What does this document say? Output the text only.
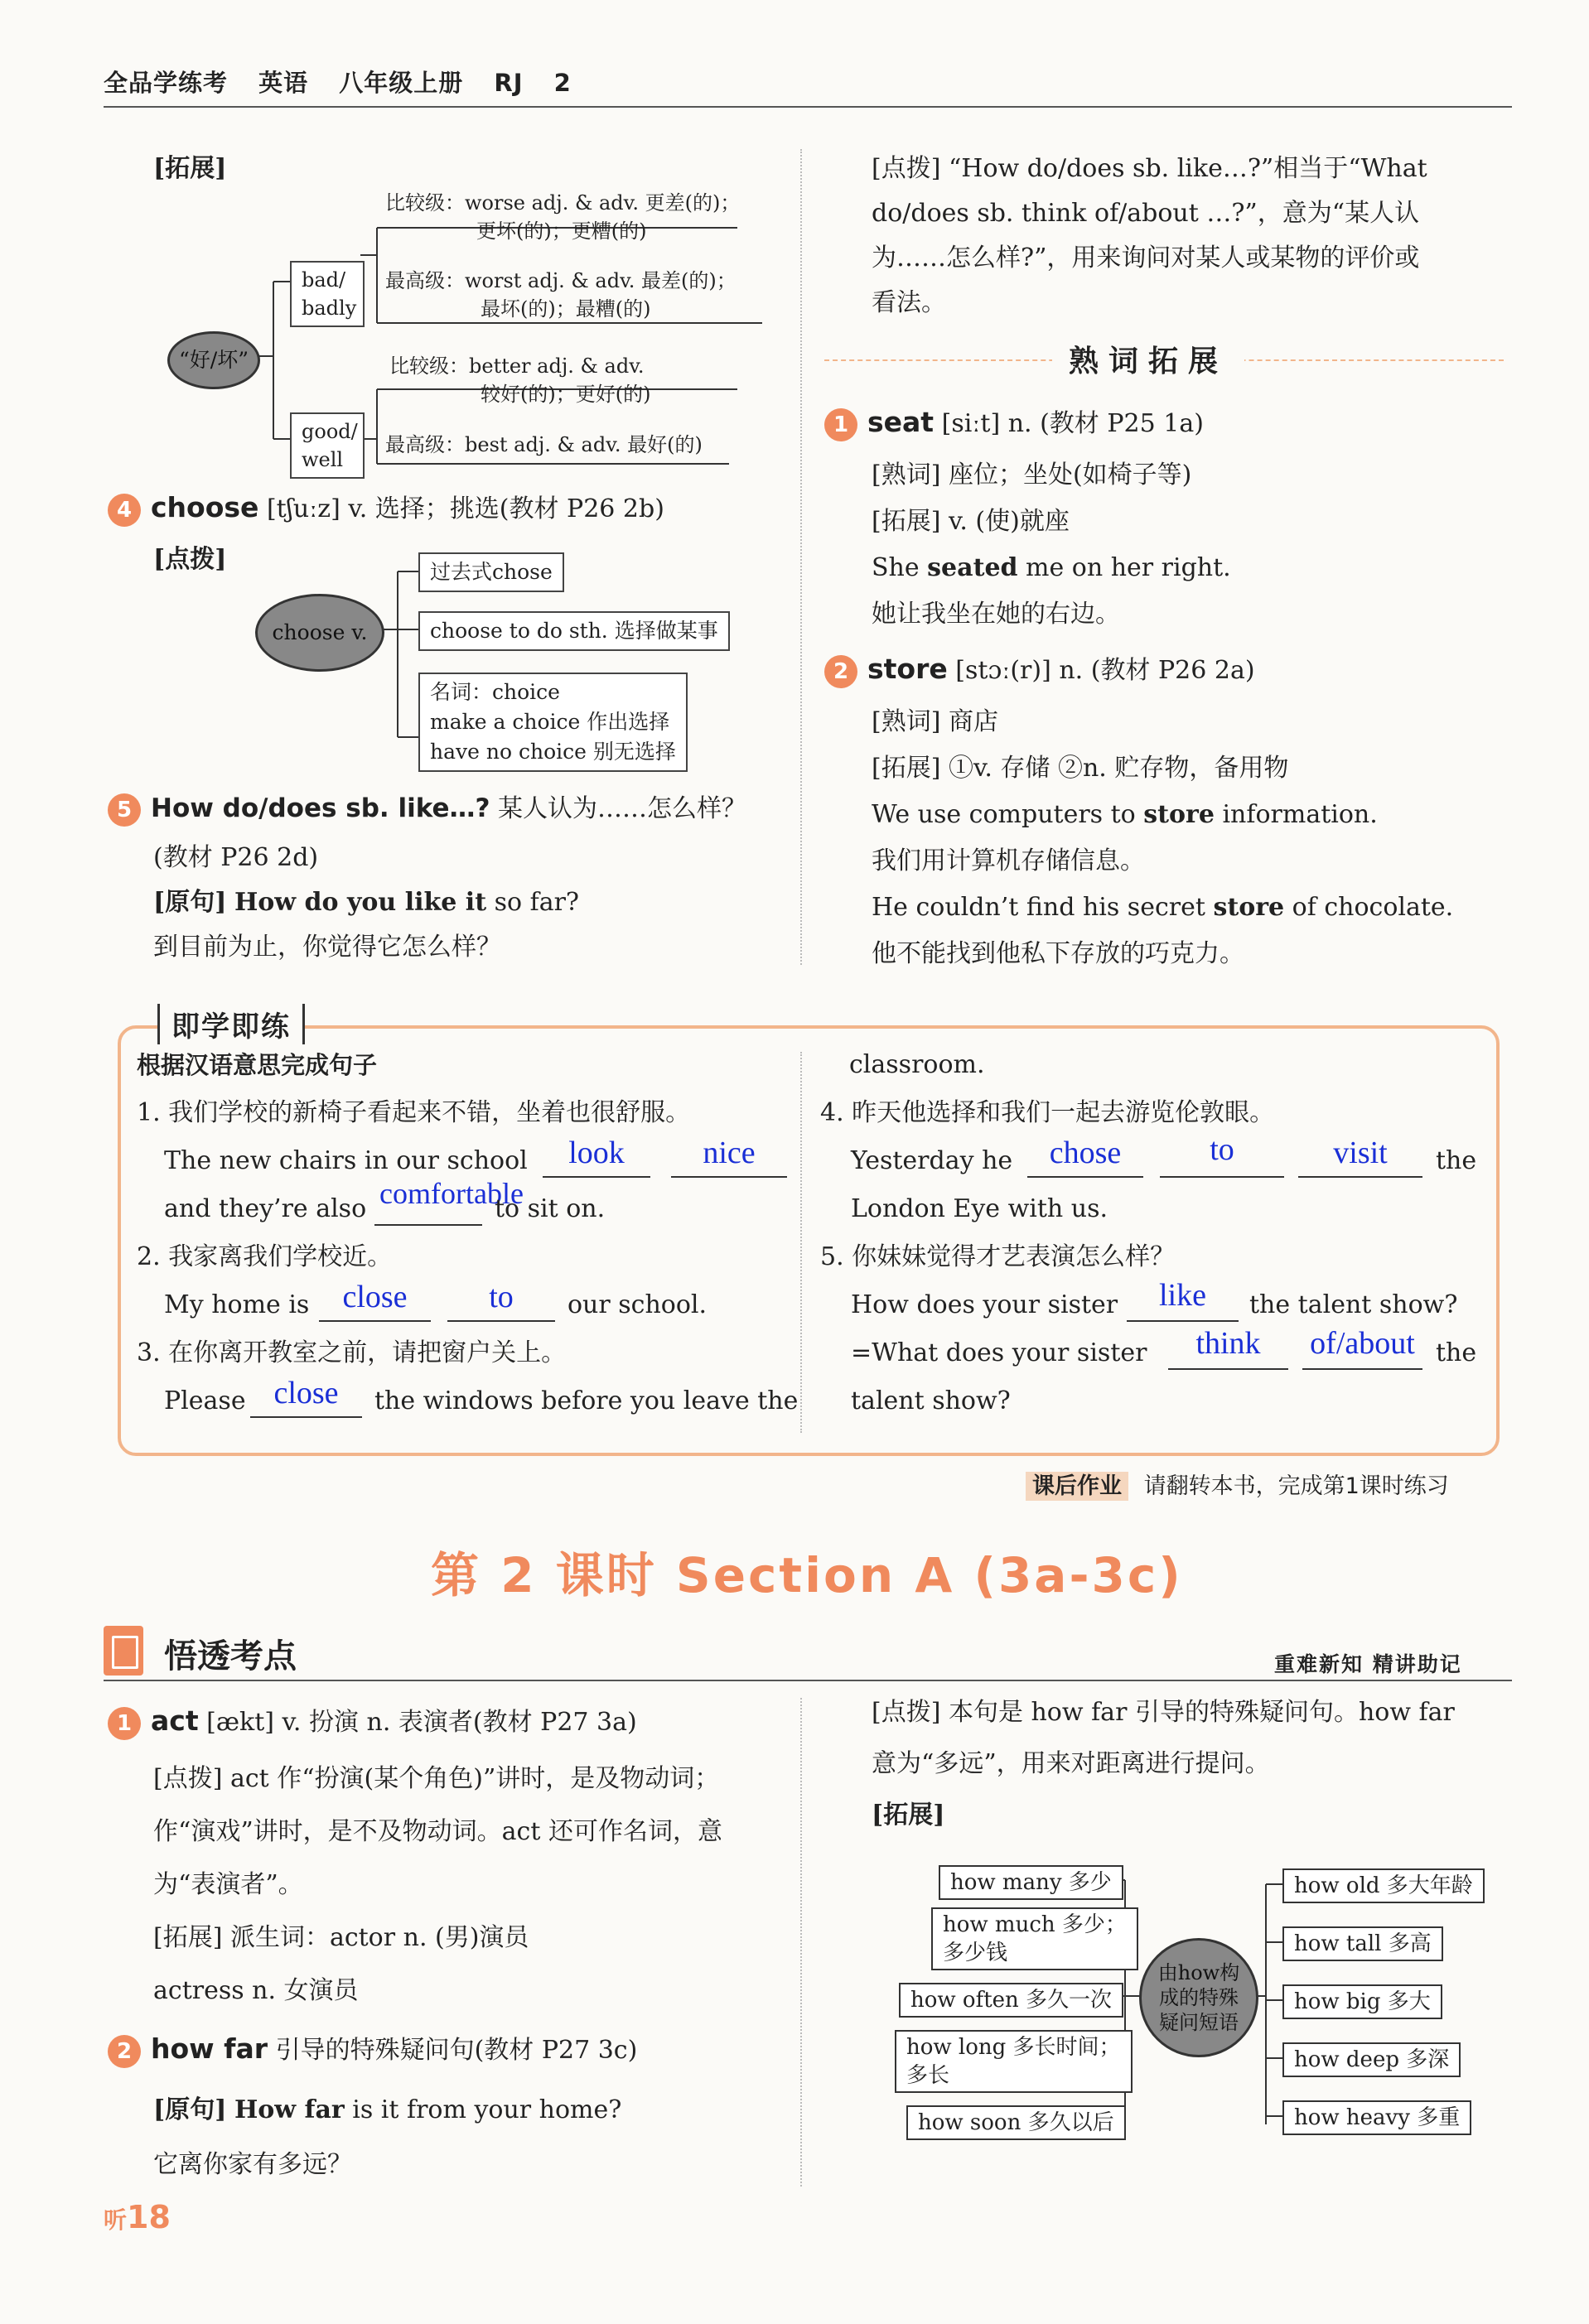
全品学练考 英语 八年级上册 RJ 2
[拓展]
“好/坏”
bad/
badly
good/
well
比较级：worse adj. & adv. 更差(的)；
更坏(的)；更糟(的)
最高级：worst adj. & adv. 最差(的)；
最坏(的)；最糟(的)
比较级：better adj. & adv.
较好(的)；更好(的)
最高级：best adj. & adv. 最好(的)
4 choose [tʃuːz] v. 选择；挑选(教材 P26 2b)
[点拨]
choose v.
过去式chose
choose to do sth. 选择做某事
名词：choice
make a choice 作出选择
have no choice 别无选择
5 How do/does sb. like…? 某人认为……怎么样？
(教材 P26 2d)
[原句] How do you like it so far?
到目前为止，你觉得它怎么样？
[点拨] “How do/does sb. like…?”相当于“What
do/does sb. think of/about …?”，意为“某人认
为……怎么样?”，用来询问对某人或某物的评价或
看法。
熟词拓展
1 seat [siːt] n. (教材 P25 1a)
[熟词] 座位；坐处(如椅子等)
[拓展] v. (使)就座
She seated me on her right.
她让我坐在她的右边。
2 store [stɔː(r)] n. (教材 P26 2a)
[熟词] 商店
[拓展] ①v. 存储 ②n. 贮存物，备用物
We use computers to store information.
我们用计算机存储信息。
He couldn’t find his secret store of chocolate.
他不能找到他私下存放的巧克力。
即学即练
根据汉语意思完成句子
1. 我们学校的新椅子看起来不错，坐着也很舒服。
The new chairs in our school	look	nice
and they’re also comfortable
to sit on.
2. 我家离我们学校近。
My home is	close	to	our school.
3. 在你离开教室之前，请把窗户关上。
Please close	the windows before you leave the
classroom.
4. 昨天他选择和我们一起去游览伦敦眼。
Yesterday he	chose	to	visit	the
London Eye with us.
5. 你妹妹觉得才艺表演怎么样？
How does your sister	like	the talent show?
=What does your sister	think	of/about the
talent show?
课后作业 请翻转本书，完成第1课时练习
第 2 课时 Section A (3a-3c)
悟透考点	重难新知 精讲助记
1 act [ækt] v. 扮演 n. 表演者(教材 P27 3a)
[点拨] act 作“扮演(某个角色)”讲时，是及物动词；
作“演戏”讲时，是不及物动词。act 还可作名词，意
为“表演者”。
[拓展] 派生词：actor n. (男)演员
actress n. 女演员
2 how far 引导的特殊疑问句(教材 P27 3c)
[原句] How far is it from your home?
它离你家有多远？
[点拨] 本句是 how far 引导的特殊疑问句。how far
意为“多远”，用来对距离进行提问。
[拓展]
由how构
成的特殊
疑问短语
how many 多少
how much 多少；
多少钱
how often 多久一次
how long 多长时间；
多长
how soon 多久以后
how old 多大年龄
how tall 多高
how big 多大
how deep 多深
how heavy 多重
听18
